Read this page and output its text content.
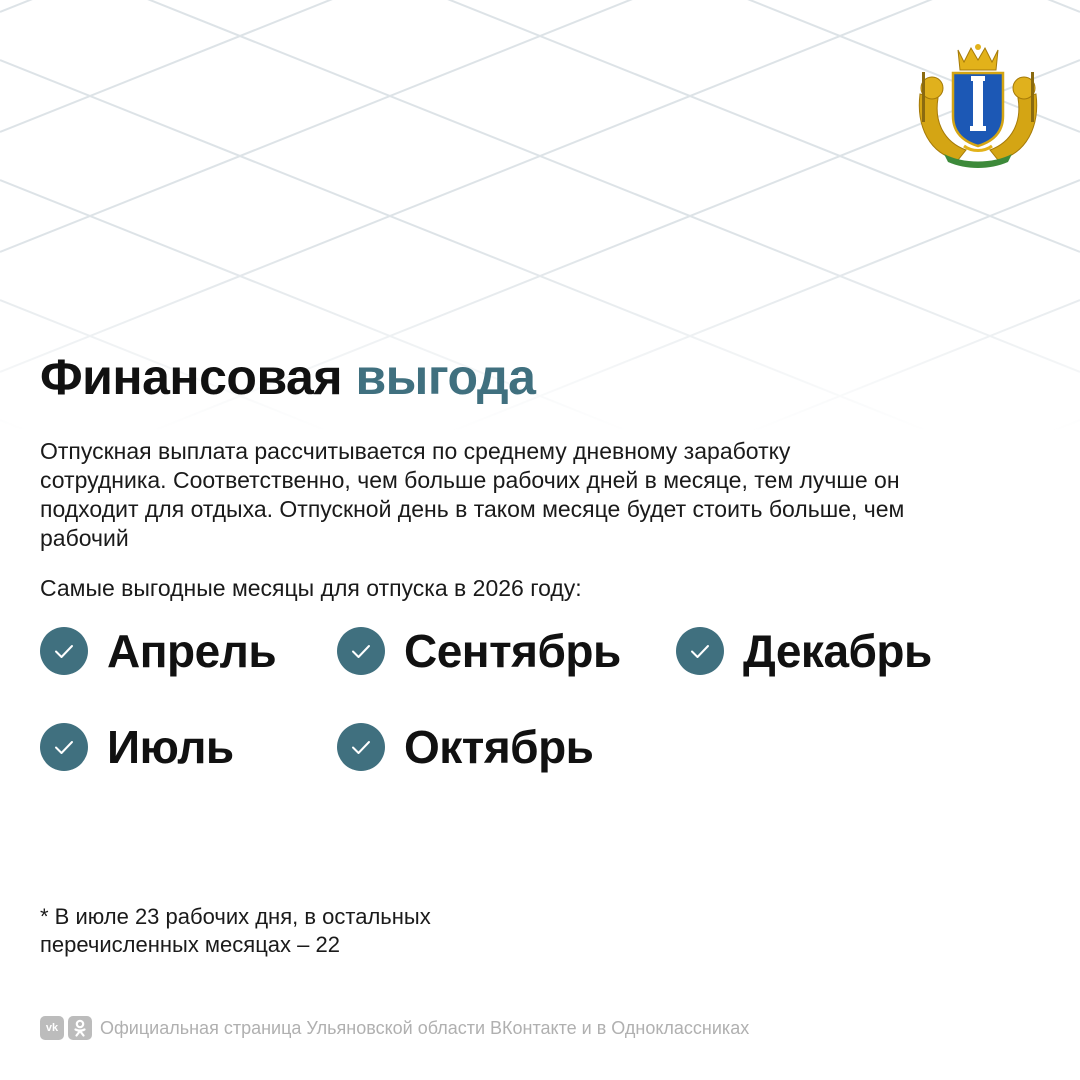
Финансовая выгода

Отпускная выплата рассчитывается по среднему дневному заработку сотрудника. Соответственно, чем больше рабочих дней в месяце, тем лучше он подходит для отдыха. Отпускной день в таком месяце будет стоить больше, чем рабочий

Самые выгодные месяцы для отпуска в 2026 году:

Апрель	Сентябрь	Декабрь
Июль	Октябрь

* В июле 23 рабочих дня, в остальных
перечисленных месяцах – 22

vk Официальная страница Ульяновской области ВКонтакте и в Одноклассниках
